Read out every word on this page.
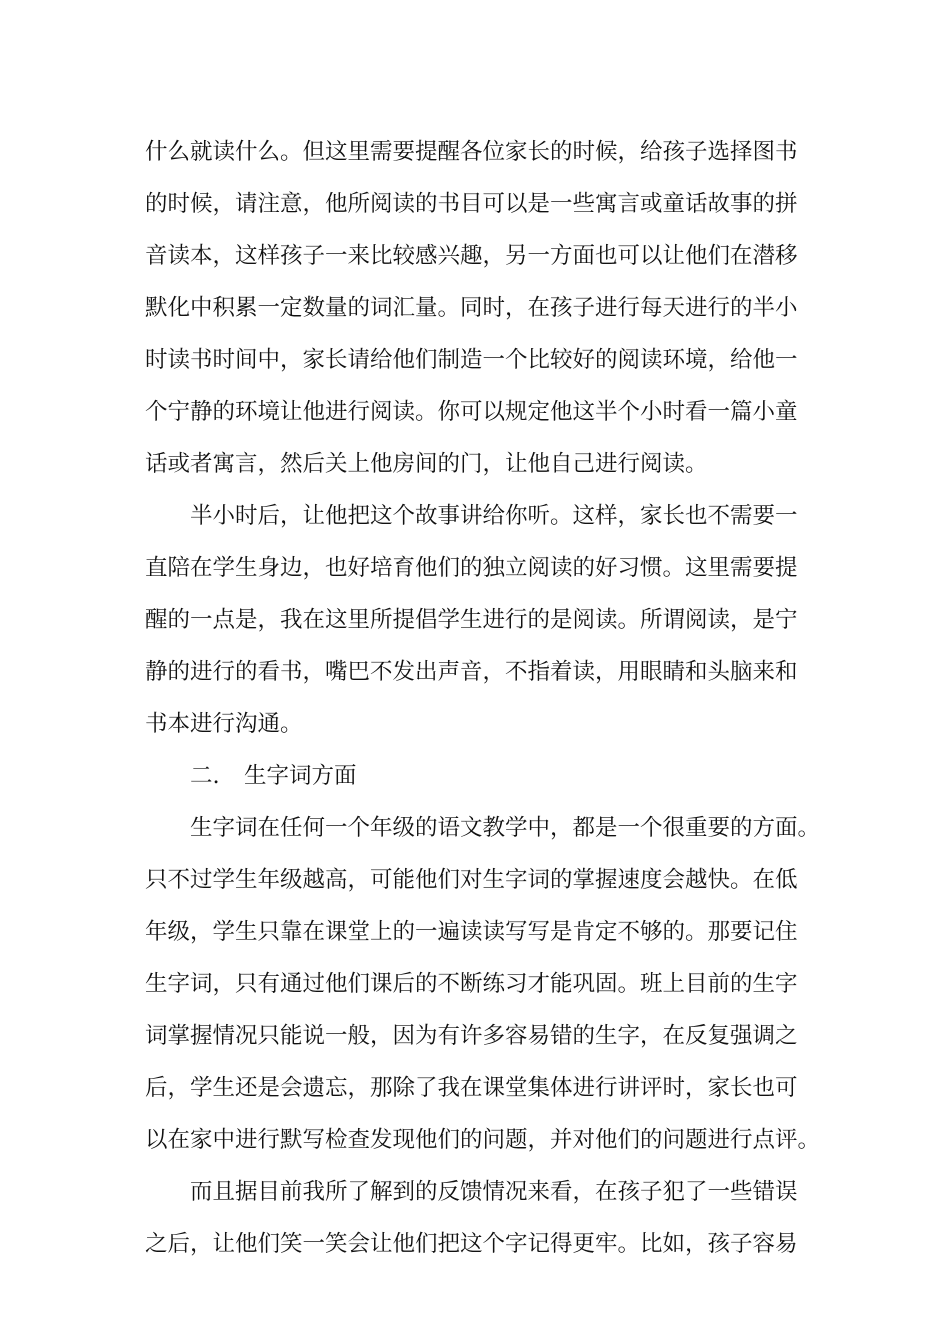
什么就读什么。但这里需要提醒各位家长的时候，给孩子选择图书
的时候，请注意，他所阅读的书目可以是一些寓言或童话故事的拼
音读本，这样孩子一来比较感兴趣，另一方面也可以让他们在潜移
默化中积累一定数量的词汇量。同时，在孩子进行每天进行的半小
时读书时间中，家长请给他们制造一个比较好的阅读环境，给他一
个宁静的环境让他进行阅读。你可以规定他这半个小时看一篇小童
话或者寓言，然后关上他房间的门，让他自己进行阅读。
半小时后，让他把这个故事讲给你听。这样，家长也不需要一
直陪在学生身边，也好培育他们的独立阅读的好习惯。这里需要提
醒的一点是，我在这里所提倡学生进行的是阅读。所谓阅读，是宁
静的进行的看书，嘴巴不发出声音，不指着读，用眼睛和头脑来和
书本进行沟通。
二. 生字词方面
生字词在任何一个年级的语文教学中，都是一个很重要的方面。
只不过学生年级越高，可能他们对生字词的掌握速度会越快。在低
年级，学生只靠在课堂上的一遍读读写写是肯定不够的。那要记住
生字词，只有通过他们课后的不断练习才能巩固。班上目前的生字
词掌握情况只能说一般，因为有许多容易错的生字，在反复强调之
后，学生还是会遗忘，那除了我在课堂集体进行讲评时，家长也可
以在家中进行默写检查发现他们的问题，并对他们的问题进行点评。
而且据目前我所了解到的反馈情况来看，在孩子犯了一些错误
之后，让他们笑一笑会让他们把这个字记得更牢。比如，孩子容易
